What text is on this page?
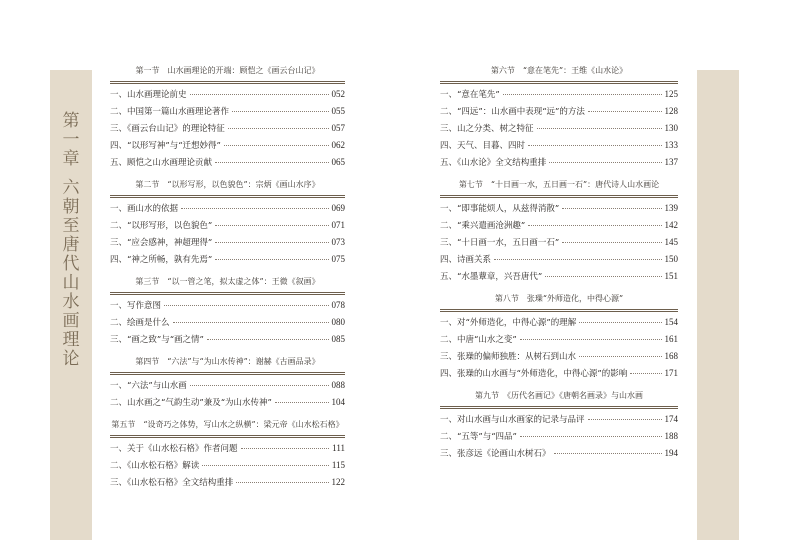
第
一
章
六
朝
至
唐
代
山
水
画
理
论
第一节　山水画理论的开端：顾恺之《画云台山记》
一、山水画理论前史	052
二、中国第一篇山水画理论著作	055
三、《画云台山记》的理论特征	057
四、“以形写神”与“迁想妙得”	062
五、顾恺之山水画理论贡献	065
第二节　“以形写形，以色貌色”：宗炳《画山水序》
一、画山水的依据	069
二、“以形写形，以色貌色”	071
三、“应会感神，神超理得”	073
四、“神之所畅，孰有先焉”	075
第三节　“以一管之笔，拟太虚之体”：王微《叙画》
一、写作意图	078
二、绘画是什么	080
三、“画之致”与“画之情”	085
第四节　“六法”与“为山水传神”：谢赫《古画品录》
一、“六法”与山水画	088
二、山水画之“气韵生动”兼及“为山水传神”	104
第五节　“设奇巧之体势，写山水之纵横”：梁元帝《山水松石格》
一、关于《山水松石格》作者问题	111
二、《山水松石格》解读	115
三、《山水松石格》全文结构重排	122
第六节　“意在笔先”：王维《山水论》
一、“意在笔先”	125
二、“四远”：山水画中表现“远”的方法	128
三、山之分类、树之特征	130
四、天气、目暮、四时	133
五、《山水论》全文结构重排	137
第七节　“十日画一水，五日画一石”：唐代诗人山水画论
一、“即事能烦人，从兹得消散”	139
二、“乘兴遣画沧洲趣”	142
三、“十日画一水，五日画一石”	145
四、诗画关系	150
五、“水墨蕈章，兴吾唐代”	151
第八节　张璪“外师造化，中得心源”
一、对“外师造化，中得心源”的理解	154
二、中唐“山水之变”	161
三、张璪的偏师独胜：从树石到山水	168
四、张璪的山水画与“外师造化，中得心源”的影响	171
第九节　《历代名画记》《唐朝名画录》与山水画
一、对山水画与山水画家的记录与品评	174
二、“五等”与“四品”	188
三、张彦远《论画山水树石》	194
